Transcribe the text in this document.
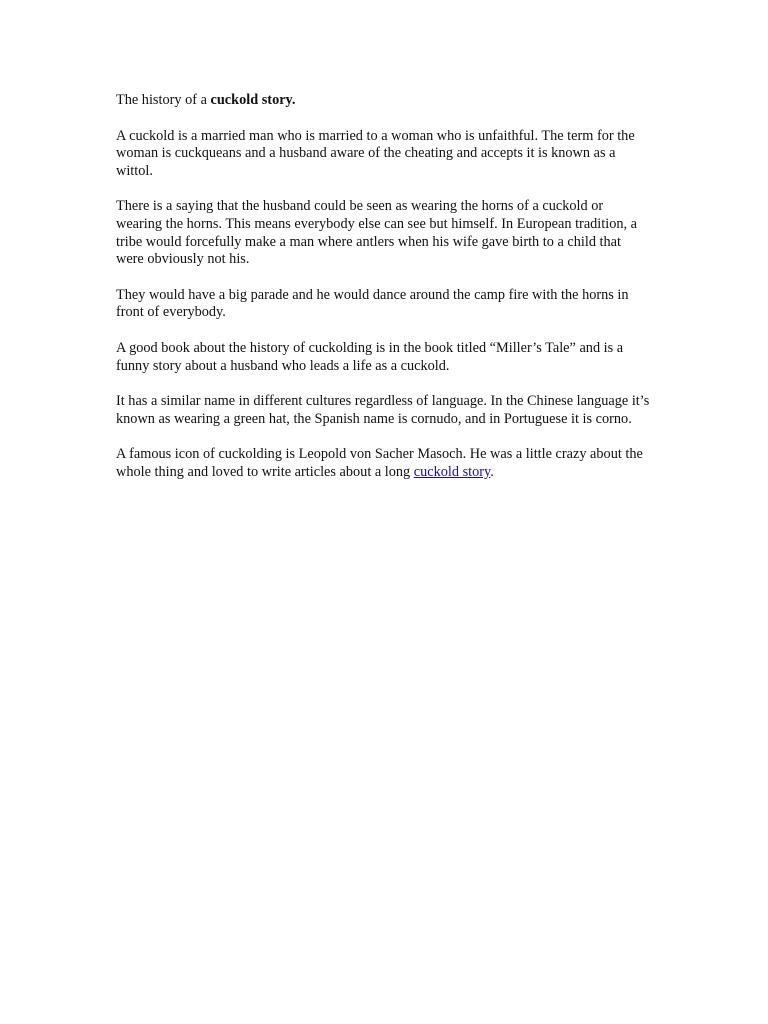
The history of a cuckold story.

A cuckold is a married man who is married to a woman who is unfaithful. The term for the woman is cuckqueans and a husband aware of the cheating and accepts it is known as a wittol.

There is a saying that the husband could be seen as wearing the horns of a cuckold or wearing the horns. This means everybody else can see but himself. In European tradition, a tribe would forcefully make a man where antlers when his wife gave birth to a child that were obviously not his.

They would have a big parade and he would dance around the camp fire with the horns in front of everybody.

A good book about the history of cuckolding is in the book titled “Miller’s Tale” and is a funny story about a husband who leads a life as a cuckold.

It has a similar name in different cultures regardless of language. In the Chinese language it’s known as wearing a green hat, the Spanish name is cornudo, and in Portuguese it is corno.

A famous icon of cuckolding is Leopold von Sacher Masoch. He was a little crazy about the whole thing and loved to write articles about a long cuckold story.
